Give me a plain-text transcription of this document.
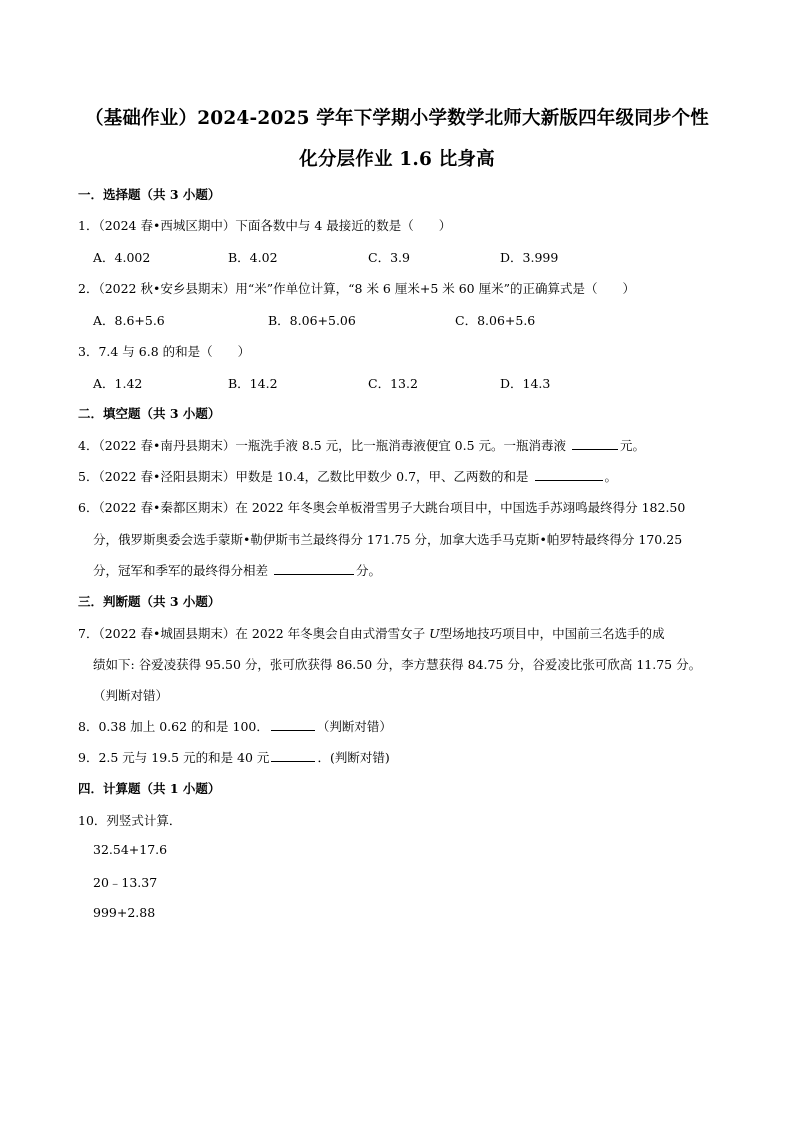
（基础作业）2024-2025 学年下学期小学数学北师大新版四年级同步个性
化分层作业 1.6 比身高
一．选择题（共 3 小题）
1．（2024 春•西城区期中）下面各数中与 4 最接近的数是（　　）
A．4.002	B．4.02	C．3.9	D．3.999
2．（2022 秋•安乡县期末）用“米”作单位计算，“8 米 6 厘米+5 米 60 厘米”的正确算式是（　　）
A．8.6+5.6	B．8.06+5.06	C．8.06+5.6
3．7.4 与 6.8 的和是（　　）
A．1.42	B．14.2	C．13.2	D．14.3
二．填空题（共 3 小题）
4．（2022 春•南丹县期末）一瓶洗手液 8.5 元，比一瓶消毒液便宜 0.5 元。一瓶消毒液	元。
5．（2022 春•泾阳县期末）甲数是 10.4，乙数比甲数少 0.7，甲、乙两数的和是	。
6．（2022 春•秦都区期末）在 2022 年冬奥会单板滑雪男子大跳台项目中，中国选手苏翊鸣最终得分 182.50
分，俄罗斯奥委会选手蒙斯•勒伊斯韦兰最终得分 171.75 分，加拿大选手马克斯•帕罗特最终得分 170.25
分，冠军和季军的最终得分相差	分。
三．判断题（共 3 小题）
7．（2022 春•城固县期末）在 2022 年冬奥会自由式滑雪女子 U型场地技巧项目中，中国前三名选手的成
绩如下: 谷爱凌获得 95.50 分，张可欣获得 86.50 分，李方慧获得 84.75 分，谷爱凌比张可欣高 11.75 分。
（判断对错）
8．0.38 加上 0.62 的和是 100．	（判断对错）
9．2.5 元与 19.5 元的和是 40 元	．(判断对错)
四．计算题（共 1 小题）
10．列竖式计算．
32.54+17.6
20﹣13.37
999+2.88
